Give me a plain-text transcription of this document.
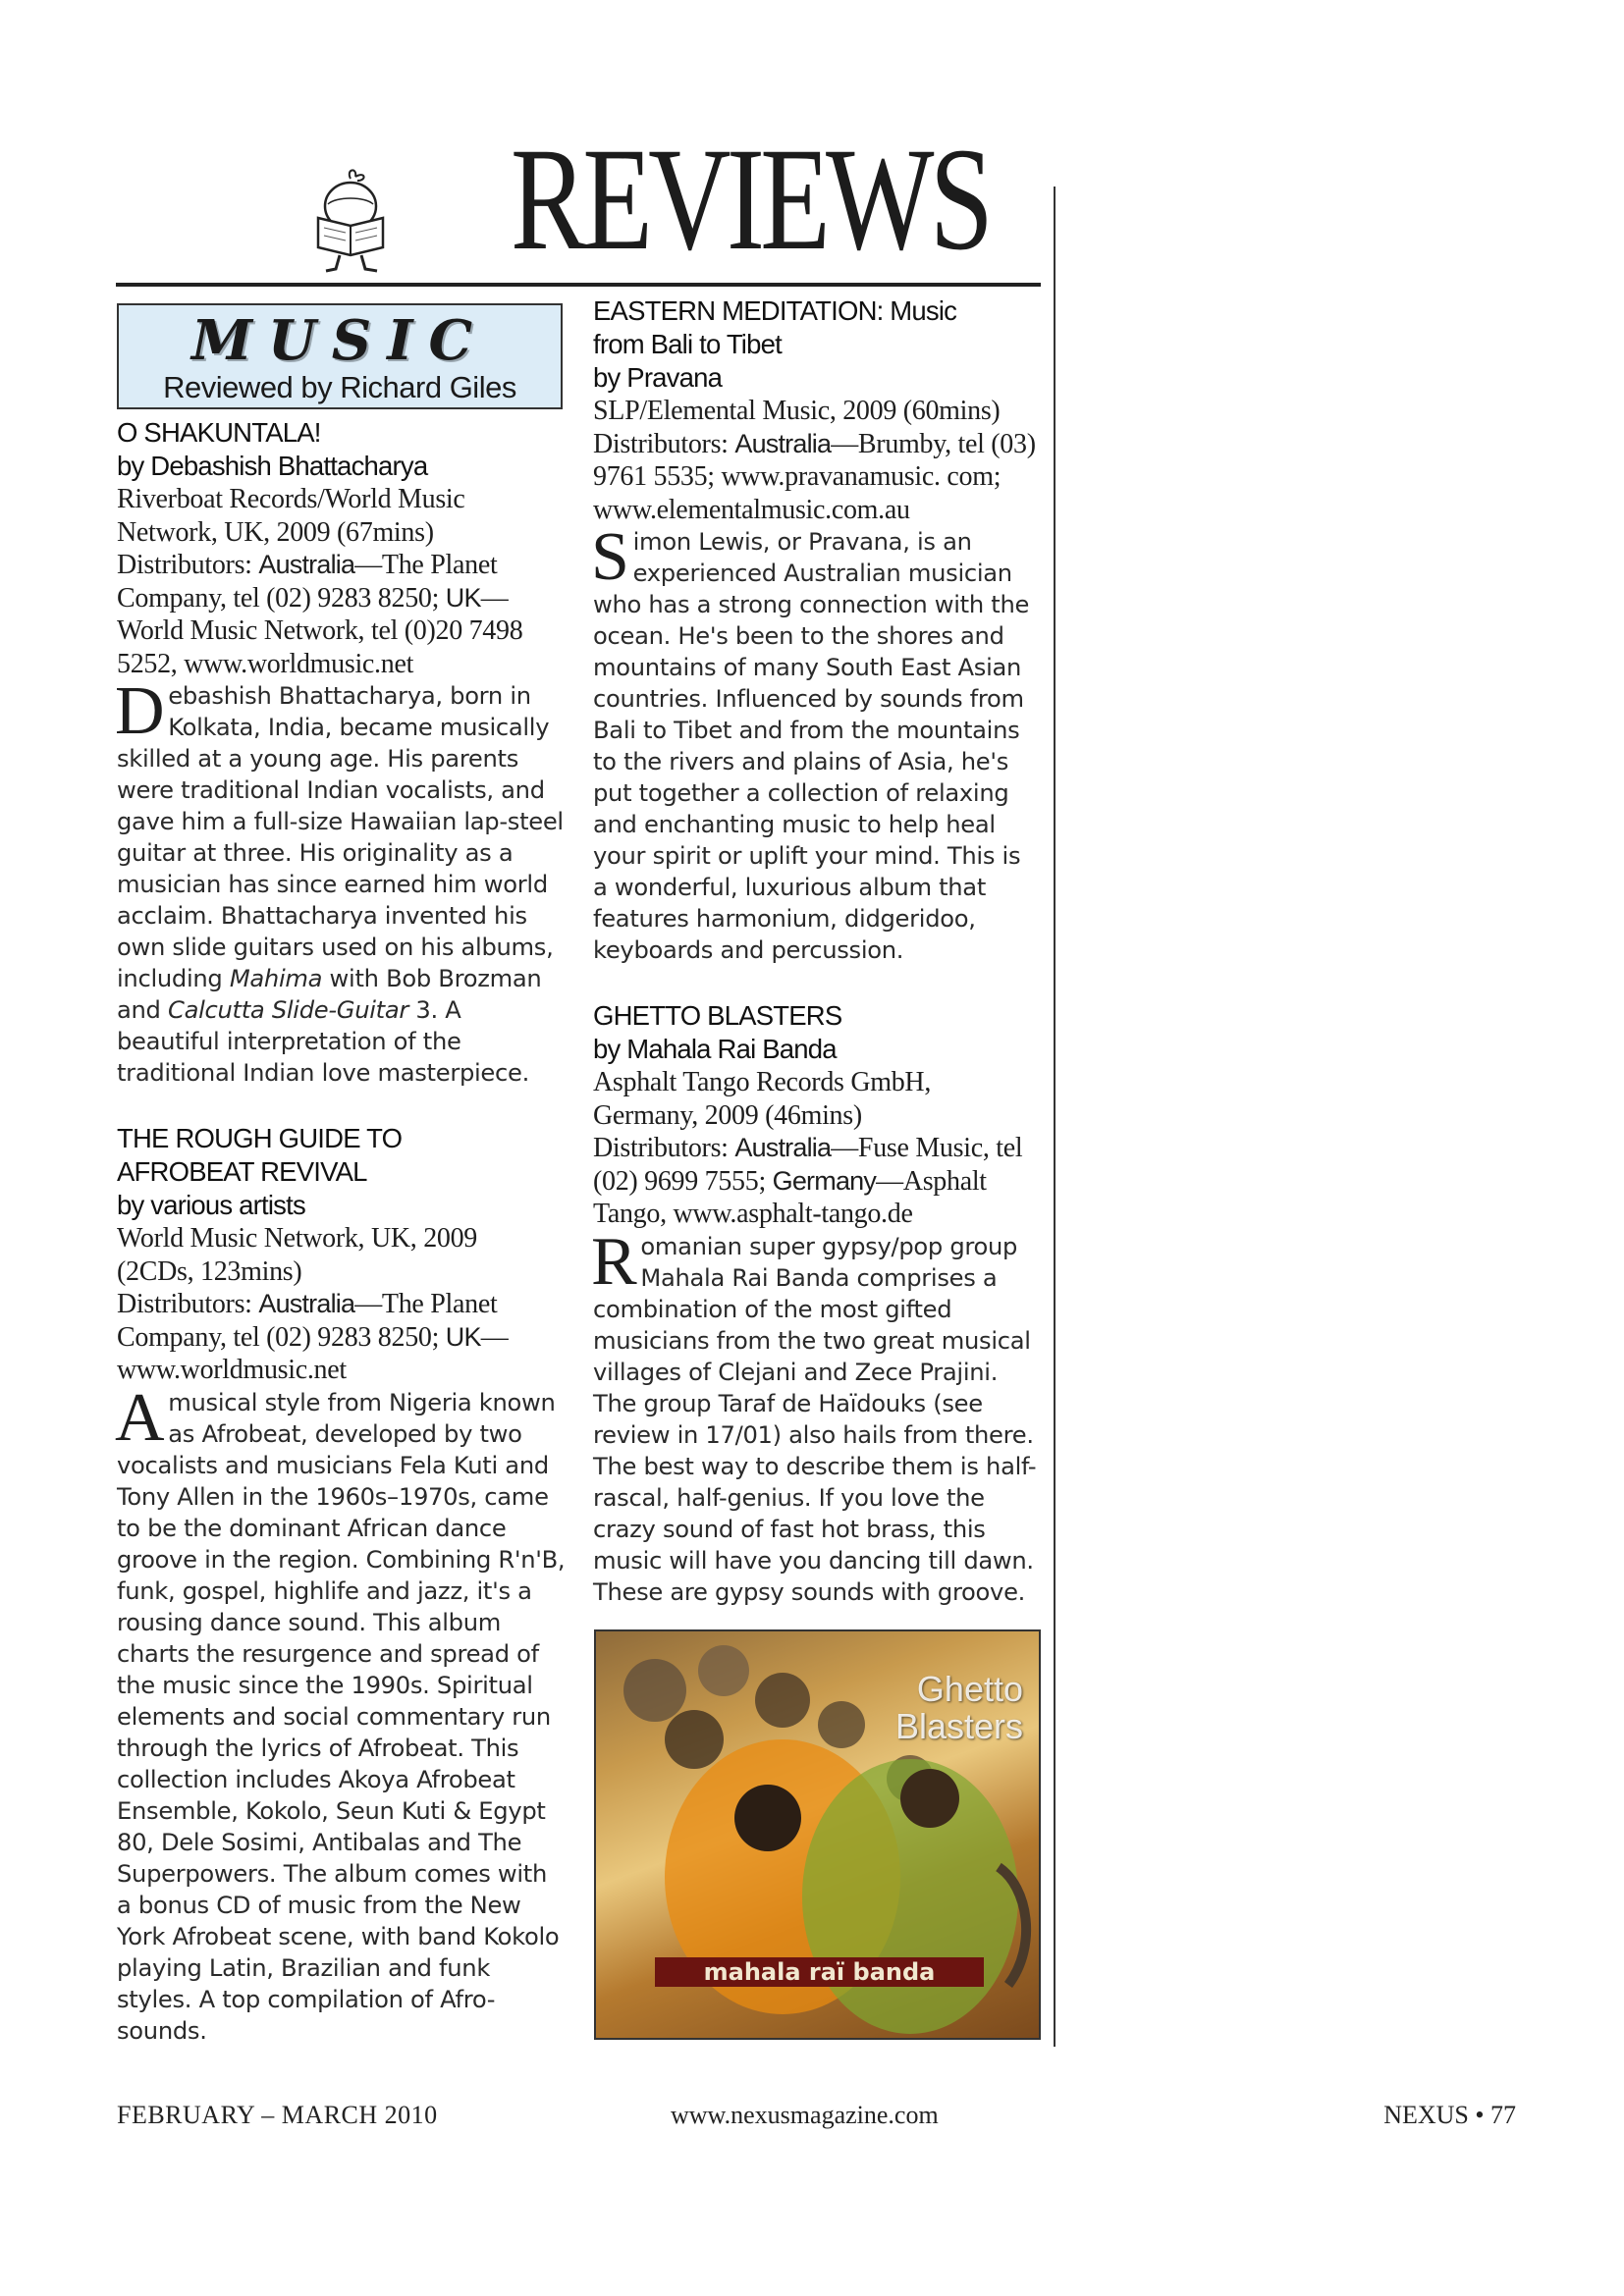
REVIEWS
MUSIC
Reviewed by Richard Giles
O SHAKUNTALA!
by Debashish Bhattacharya
Riverboat Records/World Music
Network, UK, 2009 (67mins)
Distributors: Australia—The Planet Company, tel (02) 9283 8250; UK—World Music Network, tel (0)20 7498 5252, www.worldmusic.net

Debashish Bhattacharya, born in Kolkata, India, became musically skilled at a young age. His parents were traditional Indian vocalists, and gave him a full-size Hawaiian lap-steel guitar at three. His originality as a musician has since earned him world acclaim. Bhattacharya invented his own slide guitars used on his albums, including Mahima with Bob Brozman and Calcutta Slide-Guitar 3. A beautiful interpretation of the traditional Indian love masterpiece.

THE ROUGH GUIDE TO
AFROBEAT REVIVAL
by various artists
World Music Network, UK, 2009
(2CDs, 123mins)
Distributors: Australia—The Planet Company, tel (02) 9283 8250; UK— www.worldmusic.net

A musical style from Nigeria known as Afrobeat, developed by two vocalists and musicians Fela Kuti and Tony Allen in the 1960s–1970s, came to be the dominant African dance groove in the region. Combining R'n'B, funk, gospel, highlife and jazz, it's a rousing dance sound. This album charts the resurgence and spread of the music since the 1990s. Spiritual elements and social commentary run through the lyrics of Afrobeat. This collection includes Akoya Afrobeat Ensemble, Kokolo, Seun Kuti & Egypt 80, Dele Sosimi, Antibalas and The Superpowers. The album comes with a bonus CD of music from the New York Afrobeat scene, with band Kokolo playing Latin, Brazilian and funk styles. A top compilation of Afro-sounds.

EASTERN MEDITATION: Music
from Bali to Tibet
by Pravana
SLP/Elemental Music, 2009 (60mins)
Distributors: Australia—Brumby, tel (03) 9761 5535; www.pravanamusic. com; www.elementalmusic.com.au

Simon Lewis, or Pravana, is an experienced Australian musician who has a strong connection with the ocean. He's been to the shores and mountains of many South East Asian countries. Influenced by sounds from Bali to Tibet and from the mountains to the rivers and plains of Asia, he's put together a collection of relaxing and enchanting music to help heal your spirit or uplift your mind. This is a wonderful, luxurious album that features harmonium, didgeridoo, keyboards and percussion.

GHETTO BLASTERS
by Mahala Rai Banda
Asphalt Tango Records GmbH,
Germany, 2009 (46mins)
Distributors: Australia—Fuse Music, tel (02) 9699 7555; Germany—Asphalt Tango, www.asphalt-tango.de

Romanian super gypsy/pop group Mahala Rai Banda comprises a combination of the most gifted musicians from the two great musical villages of Clejani and Zece Prajini. The group Taraf de Haïdouks (see review in 17/01) also hails from there. The best way to describe them is half-rascal, half-genius. If you love the crazy sound of fast hot brass, this music will have you dancing till dawn. These are gypsy sounds with groove.

Ghetto
Blasters
mahala raï banda
FEBRUARY – MARCH 2010	www.nexusmagazine.com	NEXUS • 77
